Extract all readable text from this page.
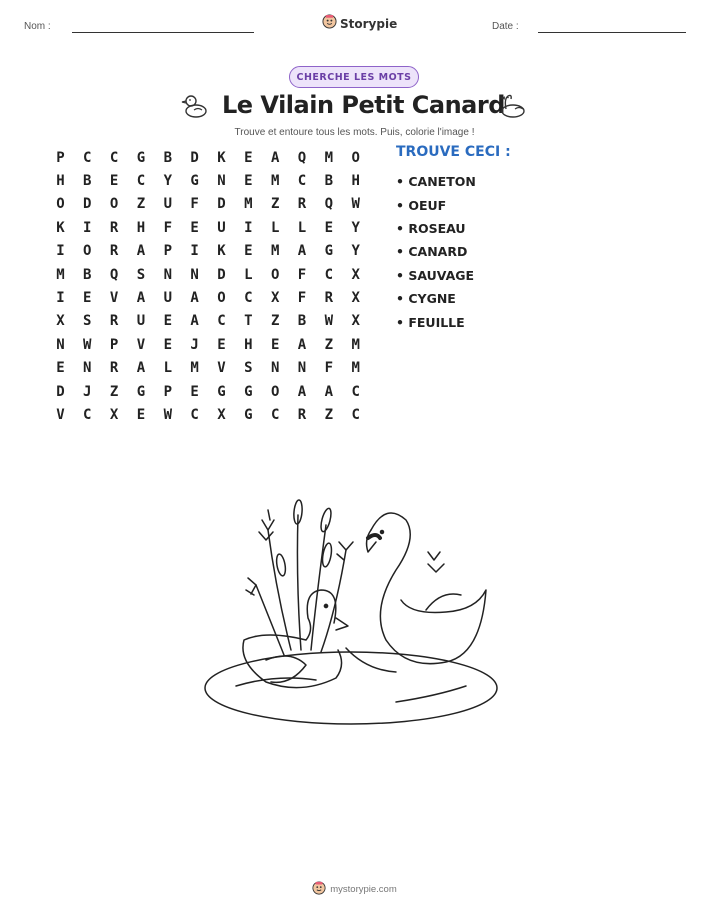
Nom :	Storypie	Date :
CHERCHE LES MOTS
Le Vilain Petit Canard
Trouve et entoure tous les mots. Puis, colorie l'image !
P	C	C	G	B	D	K	E	A	Q	M	O
H	B	E	C	Y	G	N	E	M	C	B	H
O	D	O	Z	U	F	D	M	Z	R	Q	W
K	I	R	H	F	E	U	I	L	L	E	Y
I	O	R	A	P	I	K	E	M	A	G	Y
M	B	Q	S	N	N	D	L	O	F	C	X
I	E	V	A	U	A	O	C	X	F	R	X
X	S	R	U	E	A	C	T	Z	B	W	X
N	W	P	V	E	J	E	H	E	A	Z	M
E	N	R	A	L	M	V	S	N	N	F	M
D	J	Z	G	P	E	G	G	O	A	A	C
V	C	X	E	W	C	X	G	C	R	Z	C
TROUVE CECI :
• CANETON
• OEUF
• ROSEAU
• CANARD
• SAUVAGE
• CYGNE
• FEUILLE
mystorypie.com
